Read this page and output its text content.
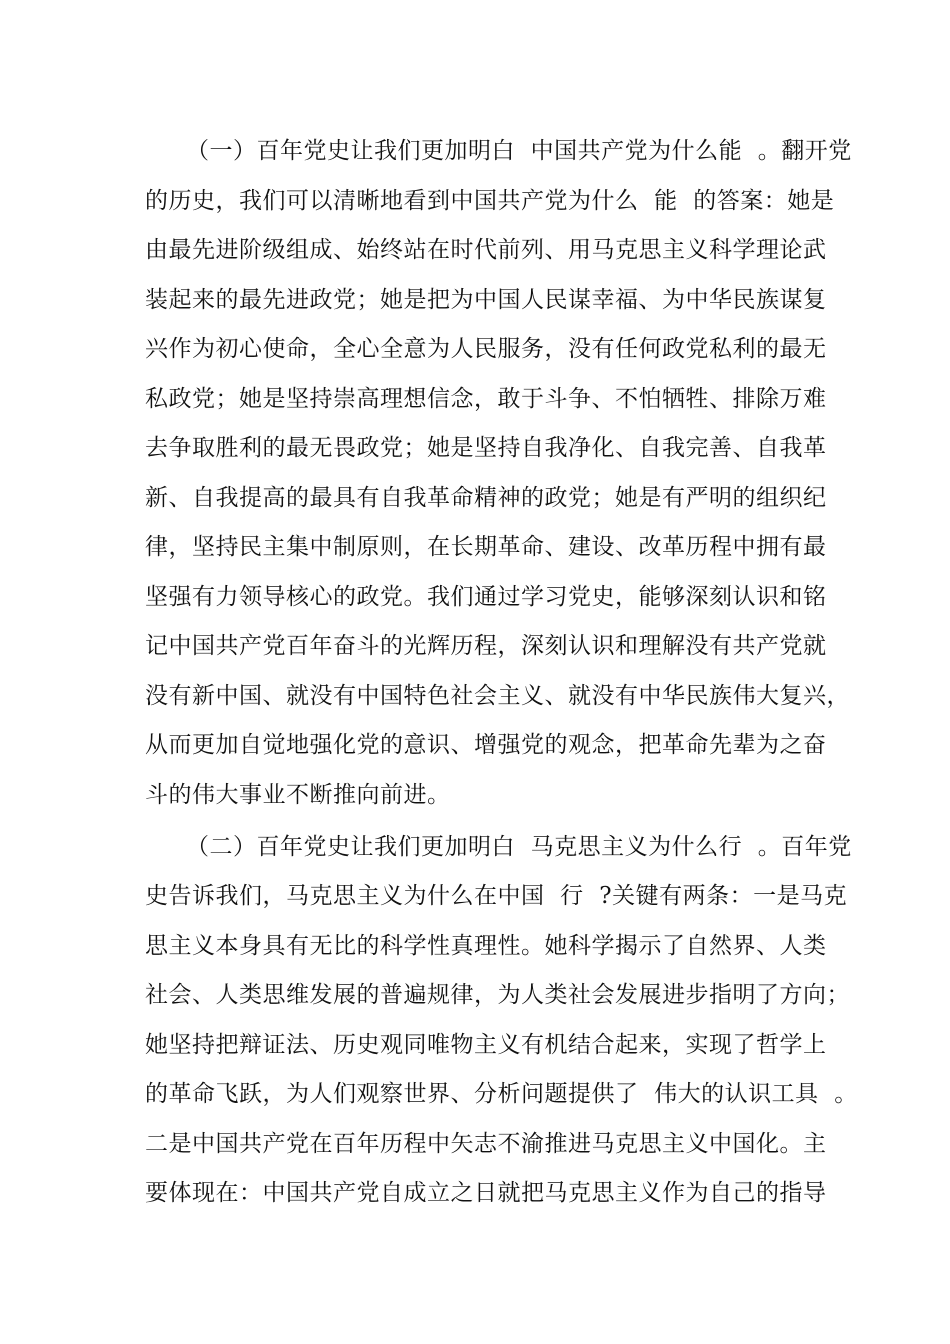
（一）百年党史让我们更加明白  中国共产党为什么能  。翻开党
的历史，我们可以清晰地看到中国共产党为什么  能  的答案：她是
由最先进阶级组成、始终站在时代前列、用马克思主义科学理论武
装起来的最先进政党；她是把为中国人民谋幸福、为中华民族谋复
兴作为初心使命，全心全意为人民服务，没有任何政党私利的最无
私政党；她是坚持崇高理想信念，敢于斗争、不怕牺牲、排除万难
去争取胜利的最无畏政党；她是坚持自我净化、自我完善、自我革
新、自我提高的最具有自我革命精神的政党；她是有严明的组织纪
律，坚持民主集中制原则，在长期革命、建设、改革历程中拥有最
坚强有力领导核心的政党。我们通过学习党史，能够深刻认识和铭
记中国共产党百年奋斗的光辉历程，深刻认识和理解没有共产党就
没有新中国、就没有中国特色社会主义、就没有中华民族伟大复兴，
从而更加自觉地强化党的意识、增强党的观念，把革命先辈为之奋
斗的伟大事业不断推向前进。
（二）百年党史让我们更加明白  马克思主义为什么行  。百年党
史告诉我们，马克思主义为什么在中国  行  ?关键有两条：一是马克
思主义本身具有无比的科学性真理性。她科学揭示了自然界、人类
社会、人类思维发展的普遍规律，为人类社会发展进步指明了方向；
她坚持把辩证法、历史观同唯物主义有机结合起来，实现了哲学上
的革命飞跃，为人们观察世界、分析问题提供了  伟大的认识工具  。
二是中国共产党在百年历程中矢志不渝推进马克思主义中国化。主
要体现在：中国共产党自成立之日就把马克思主义作为自己的指导
